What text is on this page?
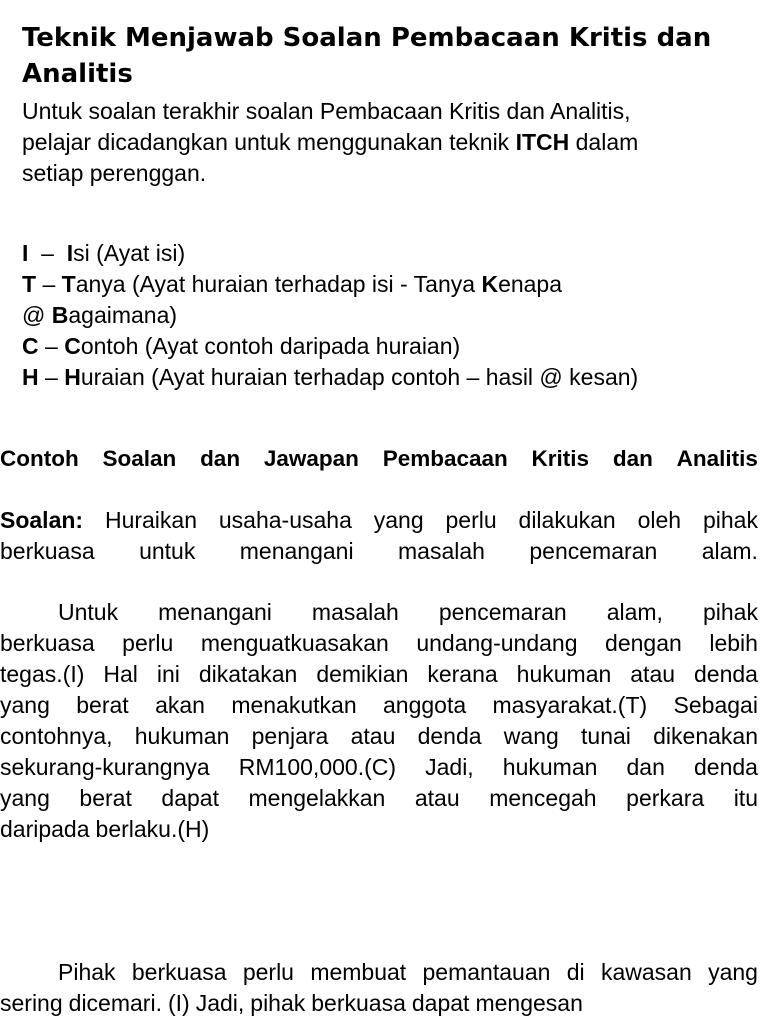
Teknik Menjawab Soalan Pembacaan Kritis dan Analitis
Untuk soalan terakhir soalan Pembacaan Kritis dan Analitis,
pelajar dicadangkan untuk menggunakan teknik ITCH dalam
setiap perenggan.
I  –  Isi (Ayat isi)
T – Tanya (Ayat huraian terhadap isi - Tanya Kenapa
@ Bagaimana)
C – Contoh (Ayat contoh daripada huraian)
H – Huraian (Ayat huraian terhadap contoh – hasil @ kesan)
Contoh Soalan dan Jawapan Pembacaan Kritis dan Analitis
Soalan: Huraikan usaha-usaha yang perlu dilakukan oleh pihak
berkuasa untuk menangani masalah pencemaran alam.
Untuk menangani masalah pencemaran alam, pihak
berkuasa perlu menguatkuasakan undang-undang dengan lebih
tegas.(I) Hal ini dikatakan demikian kerana hukuman atau denda
yang berat akan menakutkan anggota masyarakat.(T) Sebagai
contohnya, hukuman penjara atau denda wang tunai dikenakan
sekurang-kurangnya RM100,000.(C) Jadi, hukuman dan denda
yang berat dapat mengelakkan atau mencegah perkara itu
daripada berlaku.(H)
Pihak berkuasa perlu membuat pemantauan di kawasan yang
sering dicemari. (I) Jadi, pihak berkuasa dapat mengesan
